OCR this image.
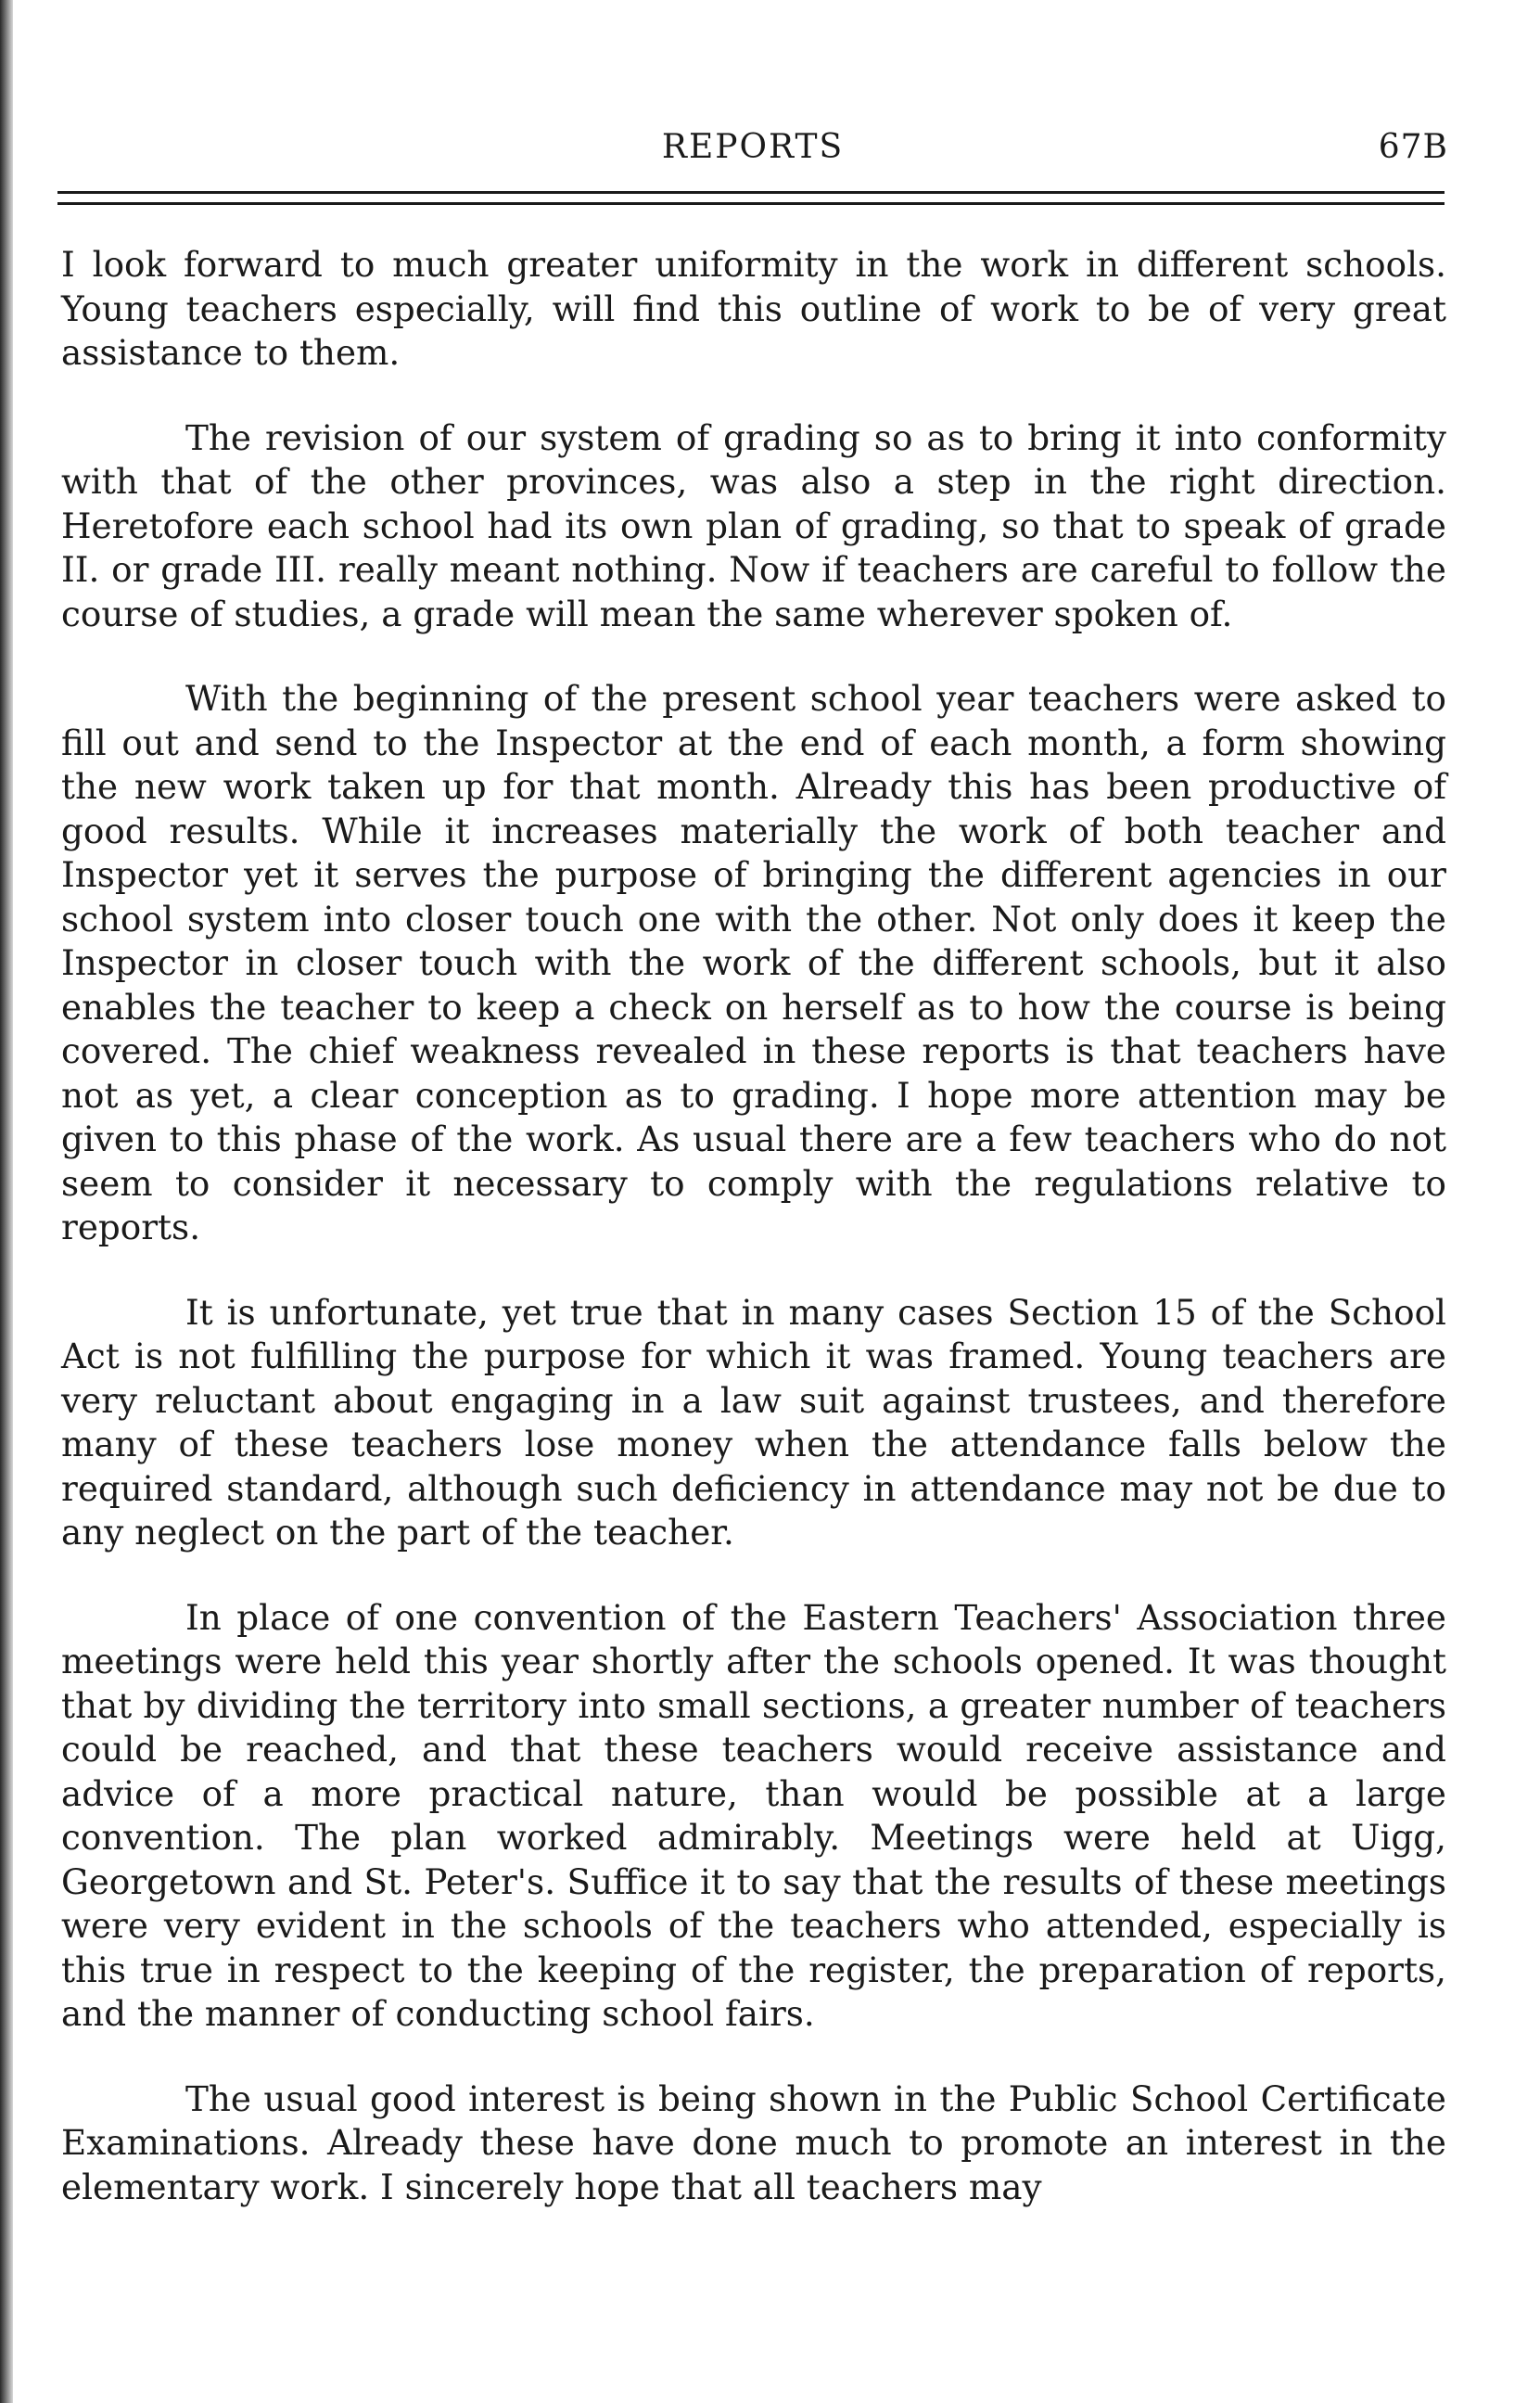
REPORTS	67B

I look forward to much greater uniformity in the work in different schools. Young teachers especially, will find this outline of work to be of very great assistance to them.

The revision of our system of grading so as to bring it into conformity with that of the other provinces, was also a step in the right direction. Heretofore each school had its own plan of grading, so that to speak of grade II. or grade III. really meant nothing. Now if teachers are careful to follow the course of studies, a grade will mean the same wherever spoken of.

With the beginning of the present school year teachers were asked to fill out and send to the Inspector at the end of each month, a form showing the new work taken up for that month. Already this has been productive of good results. While it increases materially the work of both teacher and Inspector yet it serves the purpose of bringing the different agencies in our school system into closer touch one with the other. Not only does it keep the Inspector in closer touch with the work of the different schools, but it also enables the teacher to keep a check on herself as to how the course is being covered. The chief weakness revealed in these reports is that teachers have not as yet, a clear conception as to grading. I hope more attention may be given to this phase of the work. As usual there are a few teachers who do not seem to consider it necessary to comply with the regulations relative to reports.

It is unfortunate, yet true that in many cases Section 15 of the School Act is not fulfilling the purpose for which it was framed. Young teachers are very reluctant about engaging in a law suit against trustees, and therefore many of these teachers lose money when the attendance falls below the required standard, although such deficiency in attendance may not be due to any neglect on the part of the teacher.

In place of one convention of the Eastern Teachers' Association three meetings were held this year shortly after the schools opened. It was thought that by dividing the territory into small sections, a greater number of teachers could be reached, and that these teachers would receive assistance and advice of a more practical nature, than would be possible at a large convention. The plan worked admirably. Meetings were held at Uigg, Georgetown and St. Peter's. Suffice it to say that the results of these meetings were very evident in the schools of the teachers who attended, especially is this true in respect to the keeping of the register, the preparation of reports, and the manner of conducting school fairs.

The usual good interest is being shown in the Public School Certificate Examinations. Already these have done much to promote an interest in the elementary work. I sincerely hope that all teachers may
